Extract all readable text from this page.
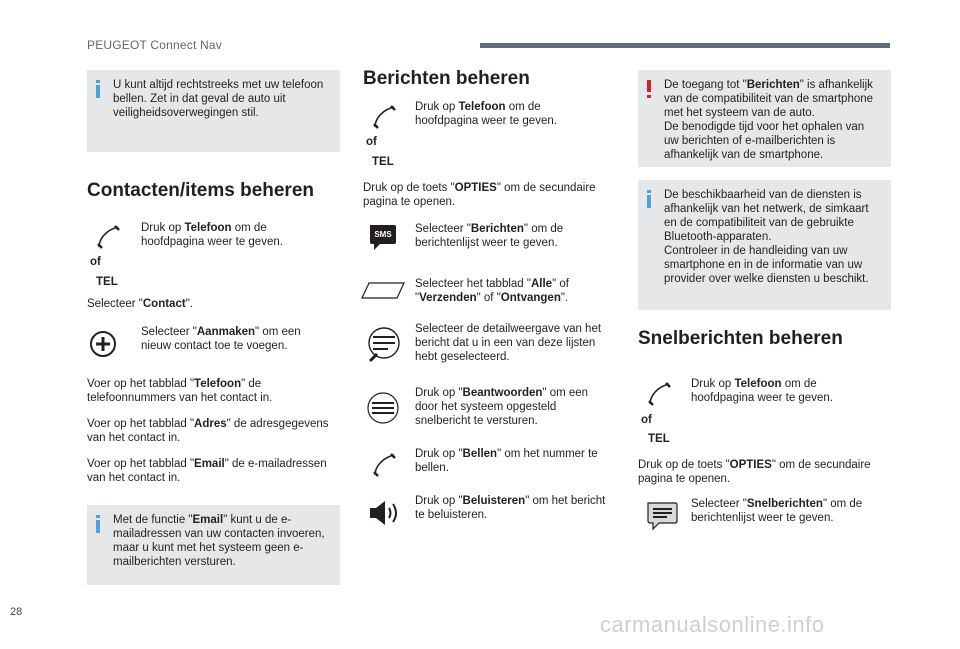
PEUGEOT Connect Nav
U kunt altijd rechtstreeks met uw telefoon bellen. Zet in dat geval de auto uit veiligheidsoverwegingen stil.
Contacten/items beheren
Druk op Telefoon om de hoofdpagina weer te geven.
of
TEL
Selecteer "Contact".
Selecteer "Aanmaken" om een nieuw contact toe te voegen.
Voer op het tabblad "Telefoon" de telefoonnummers van het contact in.
Voer op het tabblad "Adres" de adresgegevens van het contact in.
Voer op het tabblad "Email" de e-mailadressen van het contact in.
Met de functie "Email" kunt u de e-mailadressen van uw contacten invoeren, maar u kunt met het systeem geen e-mailberichten versturen.
Berichten beheren
Druk op Telefoon om de hoofdpagina weer te geven.
of
TEL
Druk op de toets "OPTIES" om de secundaire pagina te openen.
SMS Selecteer "Berichten" om de berichtenlijst weer te geven.
Selecteer het tabblad "Alle" of "Verzenden" of "Ontvangen".
Selecteer de detailweergave van het bericht dat u in een van deze lijsten hebt geselecteerd.
Druk op "Beantwoorden" om een door het systeem opgesteld snelbericht te versturen.
Druk op "Bellen" om het nummer te bellen.
Druk op "Beluisteren" om het bericht te beluisteren.
De toegang tot "Berichten" is afhankelijk van de compatibiliteit van de smartphone met het systeem van de auto.
De benodigde tijd voor het ophalen van uw berichten of e-mailberichten is afhankelijk van de smartphone.
De beschikbaarheid van de diensten is afhankelijk van het netwerk, de simkaart en de compatibiliteit van de gebruikte Bluetooth-apparaten.
Controleer in de handleiding van uw smartphone en in de informatie van uw provider over welke diensten u beschikt.
Snelberichten beheren
Druk op Telefoon om de hoofdpagina weer te geven.
of
TEL
Druk op de toets "OPTIES" om de secundaire pagina te openen.
Selecteer "Snelberichten" om de berichtenlijst weer te geven.
28	carmanualsonline.info
